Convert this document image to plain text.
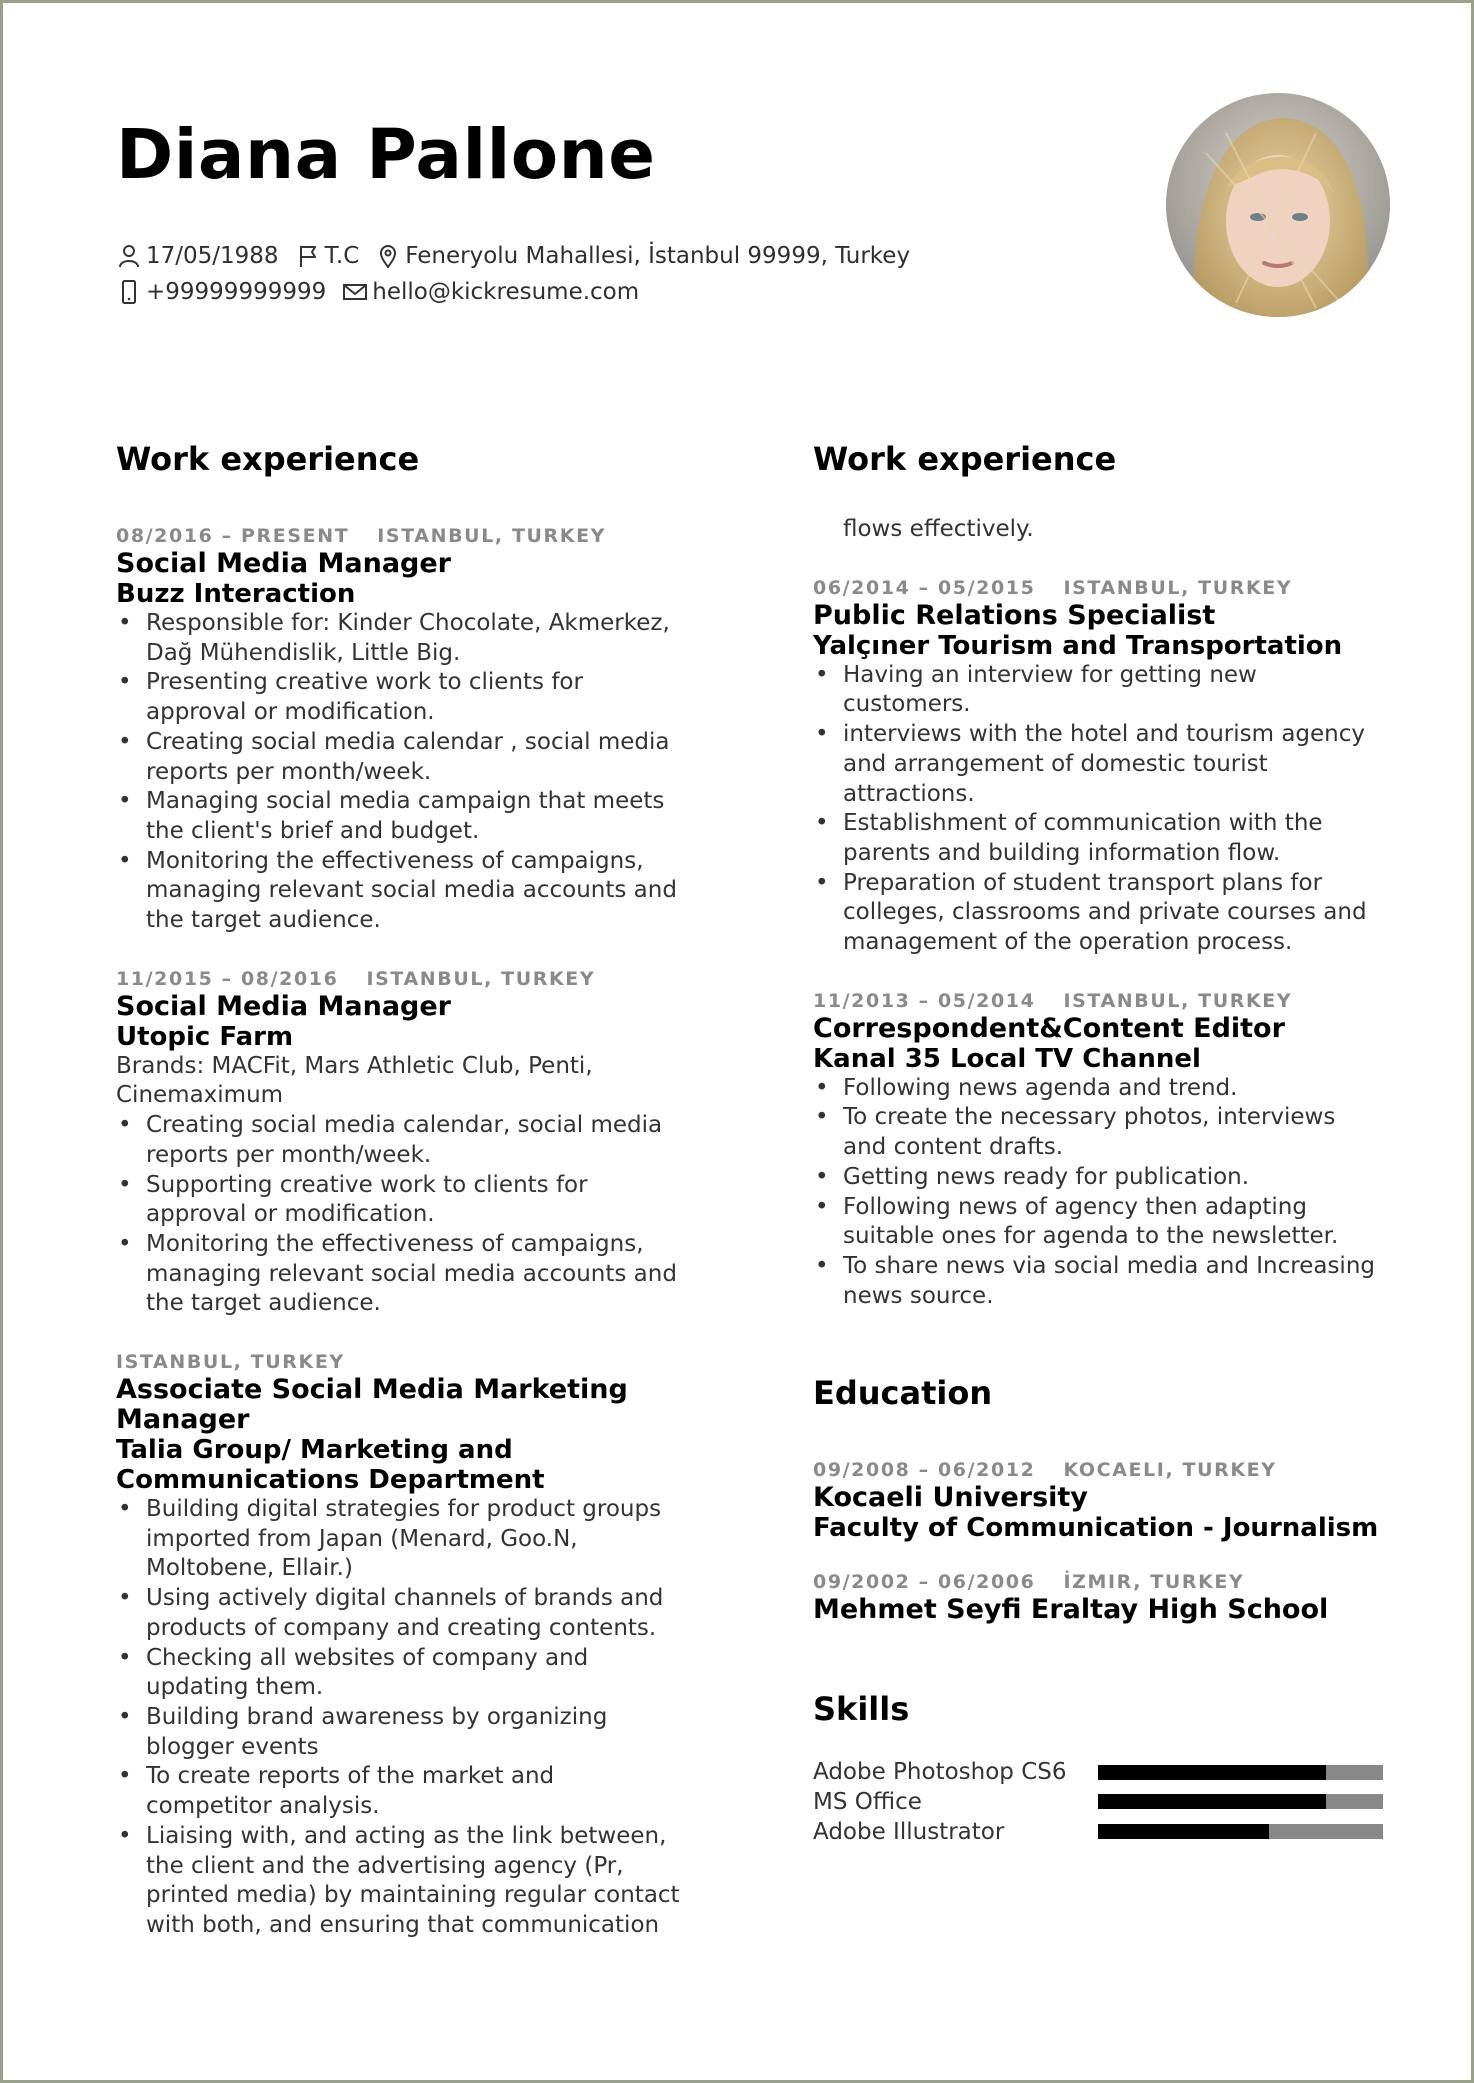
Diana Pallone
17/05/1988 T.C Feneryolu Mahallesi, İstanbul 99999, Turkey
+99999999999 hello@kickresume.com
Work experience
08/2016 – PRESENT ISTANBUL, TURKEY
Social Media Manager
Buzz Interaction
• Responsible for: Kinder Chocolate, Akmerkez, Dağ Mühendislik, Little Big.
• Presenting creative work to clients for approval or modification.
• Creating social media calendar , social media reports per month/week.
• Managing social media campaign that meets the client's brief and budget.
• Monitoring the effectiveness of campaigns, managing relevant social media accounts and the target audience.
11/2015 – 08/2016 ISTANBUL, TURKEY
Social Media Manager
Utopic Farm
Brands: MACFit, Mars Athletic Club, Penti, Cinemaximum
• Creating social media calendar, social media reports per month/week.
• Supporting creative work to clients for approval or modification.
• Monitoring the effectiveness of campaigns, managing relevant social media accounts and the target audience.
ISTANBUL, TURKEY
Associate Social Media Marketing Manager
Talia Group/ Marketing and Communications Department
• Building digital strategies for product groups imported from Japan (Menard, Goo.N, Moltobene, Ellair.)
• Using actively digital channels of brands and products of company and creating contents.
• Checking all websites of company and updating them.
• Building brand awareness by organizing blogger events
• To create reports of the market and competitor analysis.
• Liaising with, and acting as the link between, the client and the advertising agency (Pr, printed media) by maintaining regular contact with both, and ensuring that communication
Work experience
flows effectively.
06/2014 – 05/2015 ISTANBUL, TURKEY
Public Relations Specialist
Yalçıner Tourism and Transportation
• Having an interview for getting new customers.
• interviews with the hotel and tourism agency and arrangement of domestic tourist attractions.
• Establishment of communication with the parents and building information flow.
• Preparation of student transport plans for colleges, classrooms and private courses and management of the operation process.
11/2013 – 05/2014 ISTANBUL, TURKEY
Correspondent&Content Editor
Kanal 35 Local TV Channel
• Following news agenda and trend.
• To create the necessary photos, interviews and content drafts.
• Getting news ready for publication.
• Following news of agency then adapting suitable ones for agenda to the newsletter.
• To share news via social media and Increasing news source.
Education
09/2008 – 06/2012 KOCAELI, TURKEY
Kocaeli University
Faculty of Communication - Journalism
09/2002 – 06/2006 İZMIR, TURKEY
Mehmet Seyfi Eraltay High School
Skills
Adobe Photoshop CS6
MS Office
Adobe Illustrator
